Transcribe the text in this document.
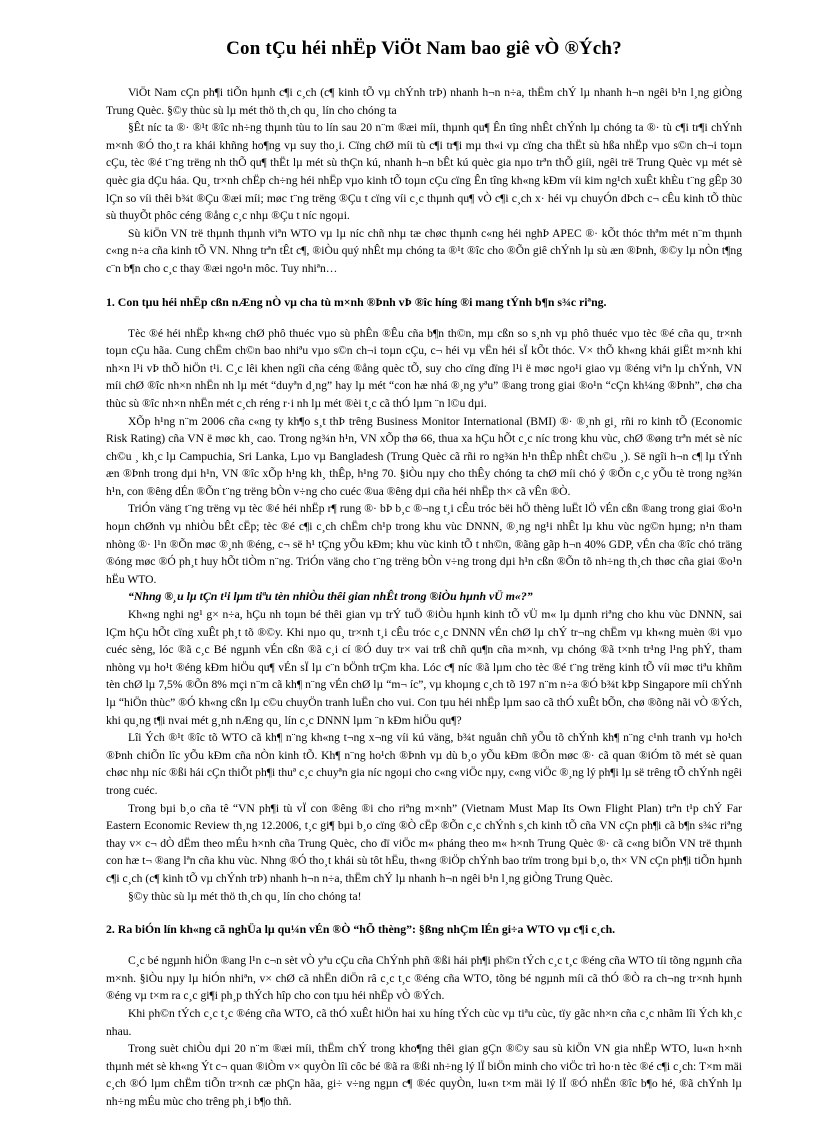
Con tÇu héi nhËp ViÖt Nam bao giê vÒ ®Ých?

ViÖt Nam cÇn ph¶i tiÕn hµnh c¶i c¸ch (c¶ kinh tÕ vµ chÝnh trÞ) nhanh h¬n n÷a, thËm chÝ lµ nhanh h¬n ngêi b¹n l¸ng giÒng Trung Quèc. §©y thùc sù lµ mét thö th¸ch qu¸ lín cho chóng ta

§Êt níc ta ®· ®¹t ®îc nh÷ng thµnh tùu to lín sau 20 n¨m ®æi míi, thµnh qu¶ Ên tîng nhÊt chÝnh lµ chóng ta ®· tù c¶i tr¶i chÝnh m×nh ®Ó tho¸t ra khái khñng ho¶ng vµ suy tho¸i. Cïng chØ míi tù c¶i tr¶i mµ th«i vµ cïng cha thËt sù hßa nhËp vµo s©n ch¬i toµn cÇu, tèc ®é t¨ng trëng nh thÕ qu¶ thËt lµ mét sù thÇn kú, nhanh h¬n bÊt kú quèc gia nµo trªn thÕ giíi, ngêi trë Trung Quèc vµ mét sè quèc gia dÇu háa. Qu¸ tr×nh chËp ch÷ng héi nhËp vµo kinh tÕ toµn cÇu cïng Ên tîng kh«ng kÐm víi kim ng¹ch xuÊt khÈu t¨ng gÊp 30 lÇn so víi thêi b¾t ®Çu ®æi míi; møc t¨ng trëng ®Çu t cïng víi c¸c thµnh qu¶ vÒ c¶i c¸ch x· héi vµ chuyÓn dÞch c¬ cÊu kinh tÕ thùc sù thuyÕt phôc céng ®ång c¸c nhµ ®Çu t níc ngoµi.

Sù kiÖn VN trë thµnh thµnh viªn WTO vµ lµ níc chñ nhµ tæ chøc thµnh c«ng héi nghÞ APEC ®· kÕt thóc thªm mét n¨m thµnh c«ng n÷a cña kinh tÕ VN. Nhng trªn tÊt c¶, ®iÒu quý nhÊt mµ chóng ta ®¹t ®îc cho ®Õn giê chÝnh lµ sù æn ®Þnh, ®©y lµ nÒn t¶ng c¨n b¶n cho c¸c thay ®æi ngo¹n môc. Tuy nhiªn…

1. Con tµu héi nhËp cßn nÆng nÒ vµ cha tù m×nh ®Þnh vÞ ®îc híng ®i mang tÝnh b¶n s¾c riªng.

Tèc ®é héi nhËp kh«ng chØ phô thuéc vµo sù phÊn ®Êu cña b¶n th©n, mµ cßn so s¸nh vµ phô thuéc vµo tèc ®é cña qu¸ tr×nh toµn cÇu hãa. Cung chËm ch©n bao nhiªu vµo s©n ch¬i toµn cÇu, c¬ héi vµ vËn héi sÏ kÕt thóc. V× thÕ kh«ng khái giËt m×nh khi nh×n l¹i vÞ thÕ hiÖn t¹i. C¸c lêi khen ngîi cña céng ®ång quèc tÕ, suy cho cïng dïng l¹i ë møc ngo¹i giao vµ ®éng viªn lµ chÝnh, VN míi chØ ®îc nh×n nhËn nh lµ mét “duyªn d¸ng” hay lµ mét “con hæ nhá ®¸ng yªu” ®ang trong giai ®o¹n “cÇn kh¼ng ®Þnh”, chø cha thùc sù ®îc nh×n nhËn mét c¸ch réng r·i nh lµ mét ®èi t¸c cã thÓ lµm ¨n l©u dµi.

XÕp h¹ng n¨m 2006 cña c«ng ty kh¶o s¸t thÞ trêng Business Monitor International (BMI) ®· ®¸nh gi¸ rñi ro kinh tÕ (Economic Risk Rating) cña VN ë møc kh¸ cao. Trong ng¾n h¹n, VN xÕp thø 66, thua xa hÇu hÕt c¸c níc trong khu vùc, chØ ®øng trªn mét sè níc ch©u ¸ kh¸c lµ Campuchia, Sri Lanka, Lµo vµ Bangladesh (Trung Quèc cã rñi ro ng¾n h¹n thÊp nhÊt ch©u ¸). Së ngîi h¬n c¶ lµ tÝnh æn ®Þnh trong dµi h¹n, VN ®îc xÕp h¹ng kh¸ thÊp, h¹ng 70. §iÒu nµy cho thÊy chóng ta chØ míi chó ý ®Õn c¸c yÕu tè trong ng¾n h¹n, con ®êng dÉn ®Õn t¨ng trëng bÒn v÷ng cho cuéc ®ua ®êng dµi cña héi nhËp th× cã vÊn ®Ò.

TriÓn väng t¨ng trëng vµ tèc ®é héi nhËp r¶ rung ®· bÞ b¸c ®¬ng t¸i cÊu tróc bëi hÖ thèng luËt lÖ vÉn cßn ®ang trong giai ®o¹n hoµn chØnh vµ nhiÒu bÊt cËp; tèc ®é c¶i c¸ch chËm ch¹p trong khu vùc DNNN, ®¸ng ng¹i nhÊt lµ khu vùc ng©n hµng; n¹n tham nhòng ®· l¹n ®Õn møc ®¸nh ®éng, c¬ së h¹ tÇng yÕu kÐm; khu vùc kinh tÕ t nh©n, ®ãng gãp h¬n 40% GDP, vÉn cha ®îc chó träng ®óng møc ®Ó ph¸t huy hÕt tiÒm n¨ng. TriÓn väng cho t¨ng trëng bÒn v÷ng trong dµi h¹n cßn ®Õn tõ nh÷ng th¸ch thøc cña giai ®o¹n hËu WTO.

“Nhng ®¸u lµ tÇn t¹i lµm tiªu tèn nhiÒu thêi gian nhÊt trong ®iÒu hµnh vÜ m«?”

Kh«ng nghi ng¹ g× n÷a, hÇu nh toµn bé thêi gian vµ trÝ tuÖ ®iÒu hµnh kinh tÕ vÜ m« lµ dµnh riªng cho khu vùc DNNN, sai lÇm hÇu hÕt cïng xuÊt ph¸t tõ ®©y. Khi nµo qu¸ tr×nh t¸i cÊu tróc c¸c DNNN vÉn chØ lµ chÝ tr¬ng chËm vµ kh«ng muèn ®i vµo cuéc sèng, lóc ®ã c¸c Bé ngµnh vÉn cßn ®ã c¸i cí ®Ó duy tr× vai trß chñ qu¶n cña m×nh, vµ chóng ®ã t×nh tr¹ng l¹ng phÝ, tham nhòng vµ ho¹t ®éng kÐm hiÖu qu¶ vÉn sÏ lµ c¨n bÖnh trÇm kha. Lóc c¶ níc ®ã lµm cho tèc ®é t¨ng trëng kinh tÕ víi møc tiªu khñm tèn chØ lµ 7,5% ®Õn 8% mçi n¨m cã kh¶ n¨ng vÉn chØ lµ “m¬ íc”, vµ khoµng c¸ch tõ 197 n¨m n÷a ®Ó b¾t kÞp Singapore míi chÝnh lµ “hiÖn thùc” ®Ó kh«ng cßn lµ c©u chuyÖn tranh luËn cho vui. Con tµu héi nhËp lµm sao cã thÓ xuÊt bÕn, chø ®õng nãi vÒ ®Ých, khi qu¸ng t¶i nvai mét g¸nh nÆng qu¸ lín c¸c DNNN lµm ¨n kÐm hiÖu qu¶?

Lîi Ých ®¹t ®îc tõ WTO cã kh¶ n¨ng kh«ng t¬ng x¬ng víi kú väng, b¾t nguån chñ yÕu tõ chÝnh kh¶ n¨ng c¹nh tranh vµ ho¹ch ®Þnh chiÕn lîc yÕu kÐm cña nÒn kinh tÕ. Kh¶ n¨ng ho¹ch ®Þnh vµ dù b¸o yÕu kÐm ®Õn møc ®· cã quan ®iÓm tõ mét sè quan chøc nhµ níc ®ßi hái cÇn thiÕt ph¶i thuª c¸c chuyªn gia níc ngoµi cho c«ng viÖc nµy, c«ng viÖc ®¸ng lý ph¶i lµ së trêng tÕ chÝnh ngêi trong cuéc.

Trong bµi b¸o cña tê “VN ph¶i tù vÏ con ®êng ®i cho riªng m×nh” (Vietnam Must Map Its Own Flight Plan) trªn t¹p chÝ Far Eastern Economic Review th¸ng 12.2006, t¸c gi¶ bµi b¸o cïng ®Ò cËp ®Õn c¸c chÝnh s¸ch kinh tÕ cña VN cÇn ph¶i cã b¶n s¾c riªng thay v× c¬ dÒ dËm theo mÉu h×nh cña Trung Quèc, cho dï viÖc m« pháng theo m« h×nh Trung Quèc ®· cã c«ng biÕn VN trë thµnh con hæ t¬ ®ang lªn cña khu vùc. Nhng ®Ó tho¸t khái sù tôt hËu, th«ng ®iÖp chÝnh bao trïm trong bµi b¸o, th× VN cÇn ph¶i tiÕn hµnh c¶i c¸ch (c¶ kinh tÕ vµ chÝnh trÞ) nhanh h¬n n÷a, thËm chÝ lµ nhanh h¬n ngêi b¹n l¸ng giÒng Trung Quèc.

§©y thùc sù lµ mét thö th¸ch qu¸ lín cho chóng ta!

2. Ra biÓn lín kh«ng cã nghÜa lµ qu¼n vÉn ®Ò “hÕ thèng”: §ßng nhÇm lÉn gi÷a WTO vµ c¶i c¸ch.

C¸c bé ngµnh hiÖn ®ang l¹n c¬n sèt vÒ yªu cÇu cña ChÝnh phñ ®ßi hái ph¶i ph©n tÝch c¸c t¸c ®éng cña WTO tíi tõng ngµnh cña m×nh. §iÒu nµy lµ hiÓn nhiªn, v× chØ cã nhËn diÖn râ c¸c t¸c ®éng cña WTO, tõng bé ngµnh míi cã thÓ ®Ò ra ch¬ng tr×nh hµnh ®éng vµ t×m ra c¸c gi¶i ph¸p thÝch hîp cho con tµu héi nhËp vÒ ®Ých.

Khi ph©n tÝch c¸c t¸c ®éng cña WTO, cã thÓ xuÊt hiÖn hai xu híng tÝch cùc vµ tiªu cùc, tïy gãc nh×n cña c¸c nhãm lîi Ých kh¸c nhau.

Trong suèt chiÒu dµi 20 n¨m ®æi míi, thËm chÝ trong kho¶ng thêi gian gÇn ®©y sau sù kiÖn VN gia nhËp WTO, lu«n h×nh thµnh mét sè kh«ng Ýt c¬ quan ®iÒm v× quyÒn lîi côc bé ®ã ra ®ßi nh÷ng lý lÏ biÖn minh cho viÖc trì ho·n tèc ®é c¶i c¸ch: T×m mäi c¸ch ®Ó lµm chËm tiÕn tr×nh cæ phÇn hãa, gi÷ v÷ng ngµn c¶ ®éc quyÒn, lu«n t×m mäi lý lÏ ®Ó nhËn ®îc b¶o hé, ®ã chÝnh lµ nh÷ng mÉu mùc cho trêng ph¸i b¶o thñ.
